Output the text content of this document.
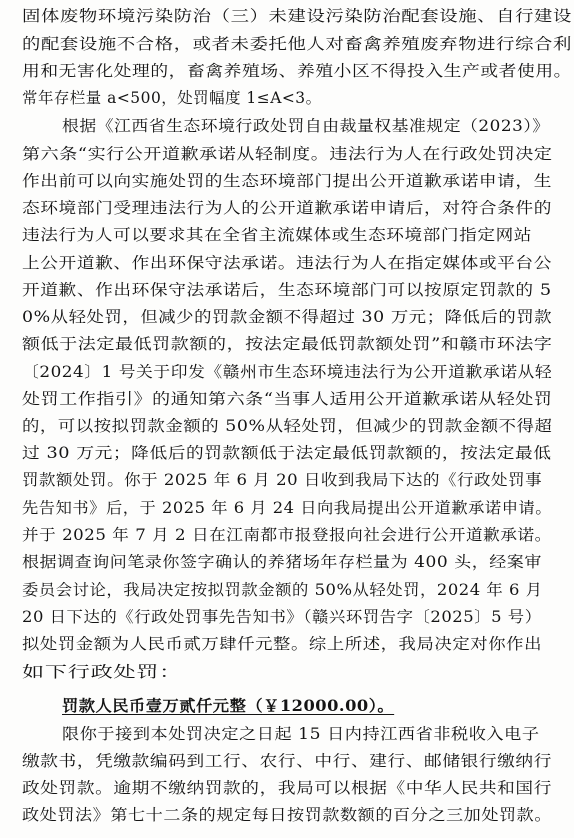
固体废物环境污染防治（三）未建设污染防治配套设施、自行建设
的配套设施不合格，或者未委托他人对畜禽养殖废弃物进行综合利
用和无害化处理的，畜禽养殖场、养殖小区不得投入生产或者使用。
常年存栏量 a<500，处罚幅度 1≤A<3。
根据《江西省生态环境行政处罚自由裁量权基准规定（2023）》
第六条“实行公开道歉承诺从轻制度。违法行为人在行政处罚决定
作出前可以向实施处罚的生态环境部门提出公开道歉承诺申请，生
态环境部门受理违法行为人的公开道歉承诺申请后，对符合条件的
违法行为人可以要求其在全省主流媒体或生态环境部门指定网站
上公开道歉、作出环保守法承诺。违法行为人在指定媒体或平台公
开道歉、作出环保守法承诺后，生态环境部门可以按原定罚款的 5
0%从轻处罚，但减少的罚款金额不得超过 30 万元；降低后的罚款
额低于法定最低罚款额的，按法定最低罚款额处罚”和赣市环法字
〔2024〕1 号关于印发《赣州市生态环境违法行为公开道歉承诺从轻
处罚工作指引》的通知第六条“当事人适用公开道歉承诺从轻处罚
的，可以按拟罚款金额的 50%从轻处罚，但减少的罚款金额不得超
过 30 万元；降低后的罚款额低于法定最低罚款额的，按法定最低
罚款额处罚。你于 2025 年 6 月 20 日收到我局下达的《行政处罚事
先告知书》后，于 2025 年 6 月 24 日向我局提出公开道歉承诺申请。
并于 2025 年 7 月 2 日在江南都市报登报向社会进行公开道歉承诺。
根据调查询问笔录你签字确认的养猪场年存栏量为 400 头，经案审
委员会讨论，我局决定按拟罚款金额的 50%从轻处罚，2024 年 6 月
20 日下达的《行政处罚事先告知书》（赣兴环罚告字〔2025〕5 号）
拟处罚金额为人民币贰万肆仟元整。综上所述，我局决定对你作出
如下行政处罚：
罚款人民币壹万贰仟元整（￥12000.00）。
限你于接到本处罚决定之日起 15 日内持江西省非税收入电子
缴款书，凭缴款编码到工行、农行、中行、建行、邮储银行缴纳行
政处罚款。逾期不缴纳罚款的，我局可以根据《中华人民共和国行
政处罚法》第七十二条的规定每日按罚款数额的百分之三加处罚款。
